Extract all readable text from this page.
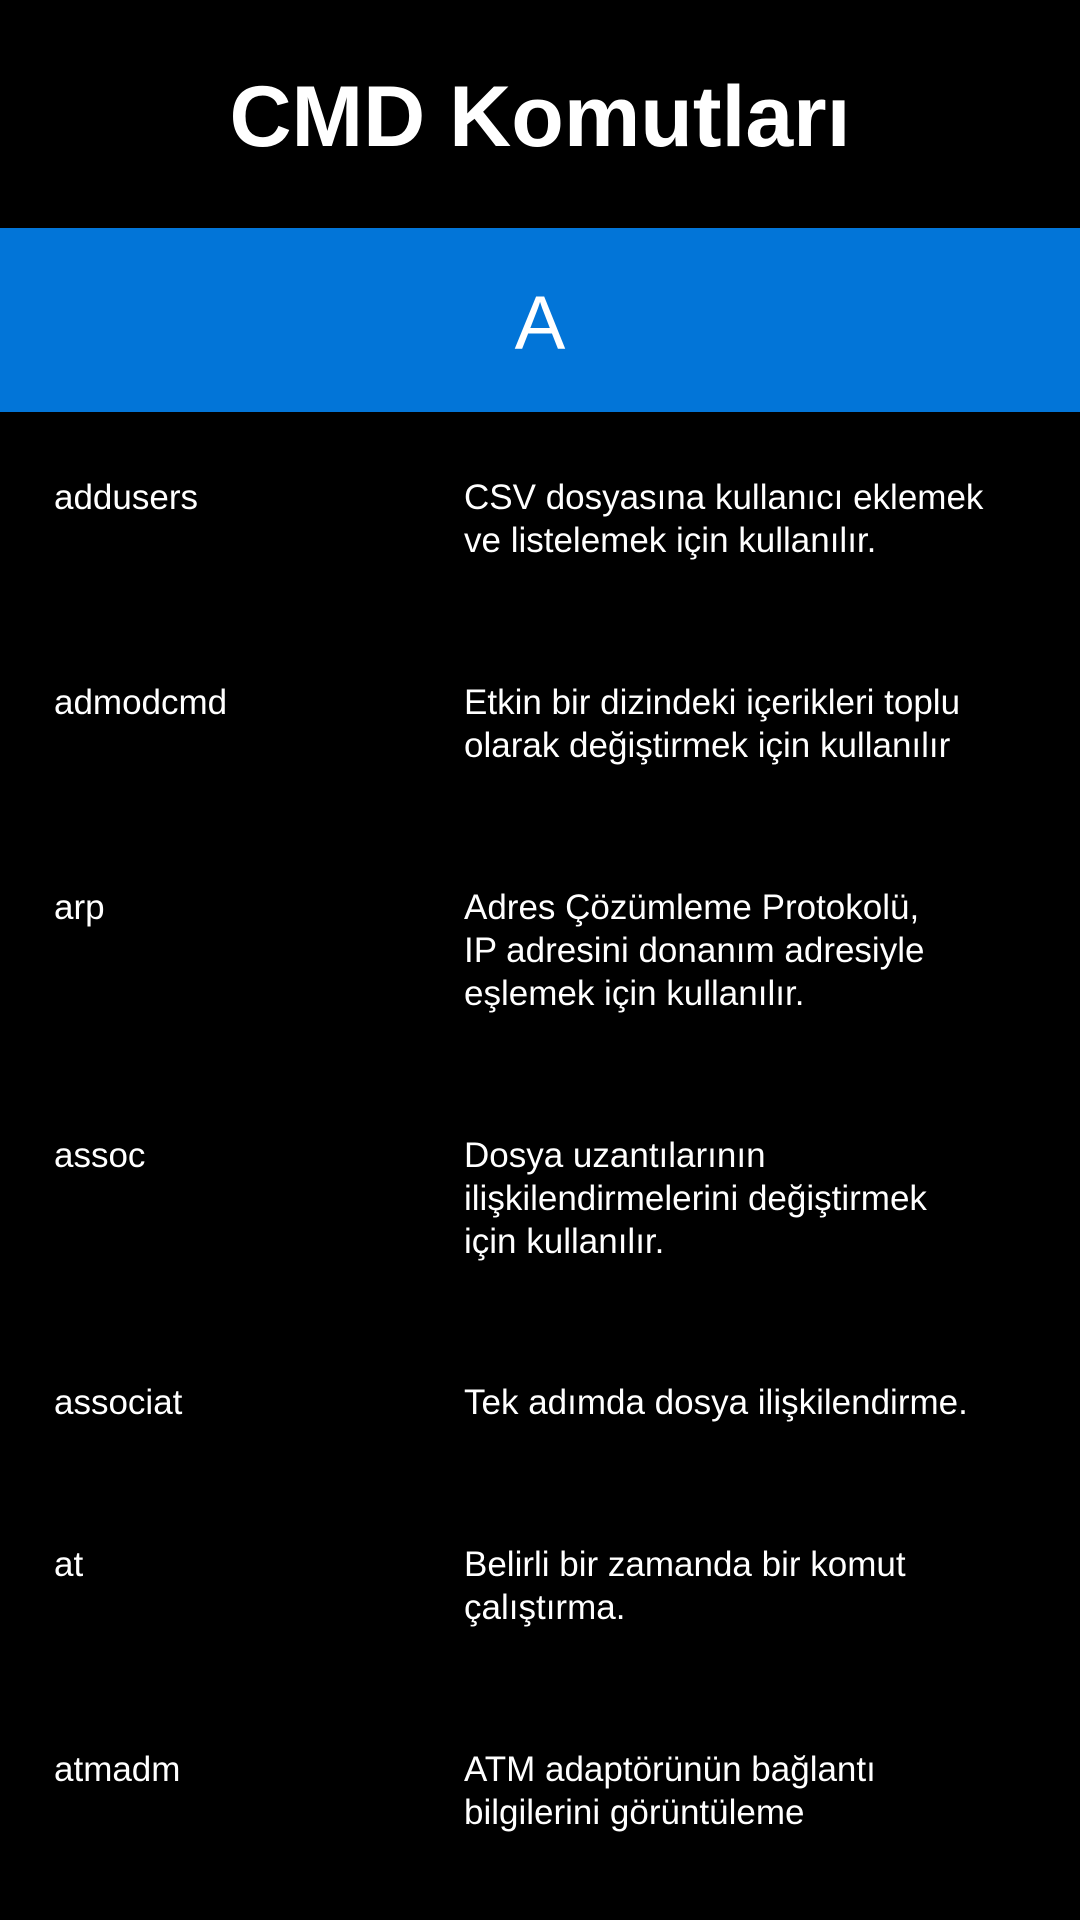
CMD Komutları
A
addusers	CSV dosyasına kullanıcı eklemek
ve listelemek için kullanılır.
admodcmd	Etkin bir dizindeki içerikleri toplu
olarak değiştirmek için kullanılır
arp	Adres Çözümleme Protokolü,
IP adresini donanım adresiyle
eşlemek için kullanılır.
assoc	Dosya uzantılarının
ilişkilendirmelerini değiştirmek
için kullanılır.
associat	Tek adımda dosya ilişkilendirme.
at	Belirli bir zamanda bir komut
çalıştırma.
atmadm	ATM adaptörünün bağlantı
bilgilerini görüntüleme
